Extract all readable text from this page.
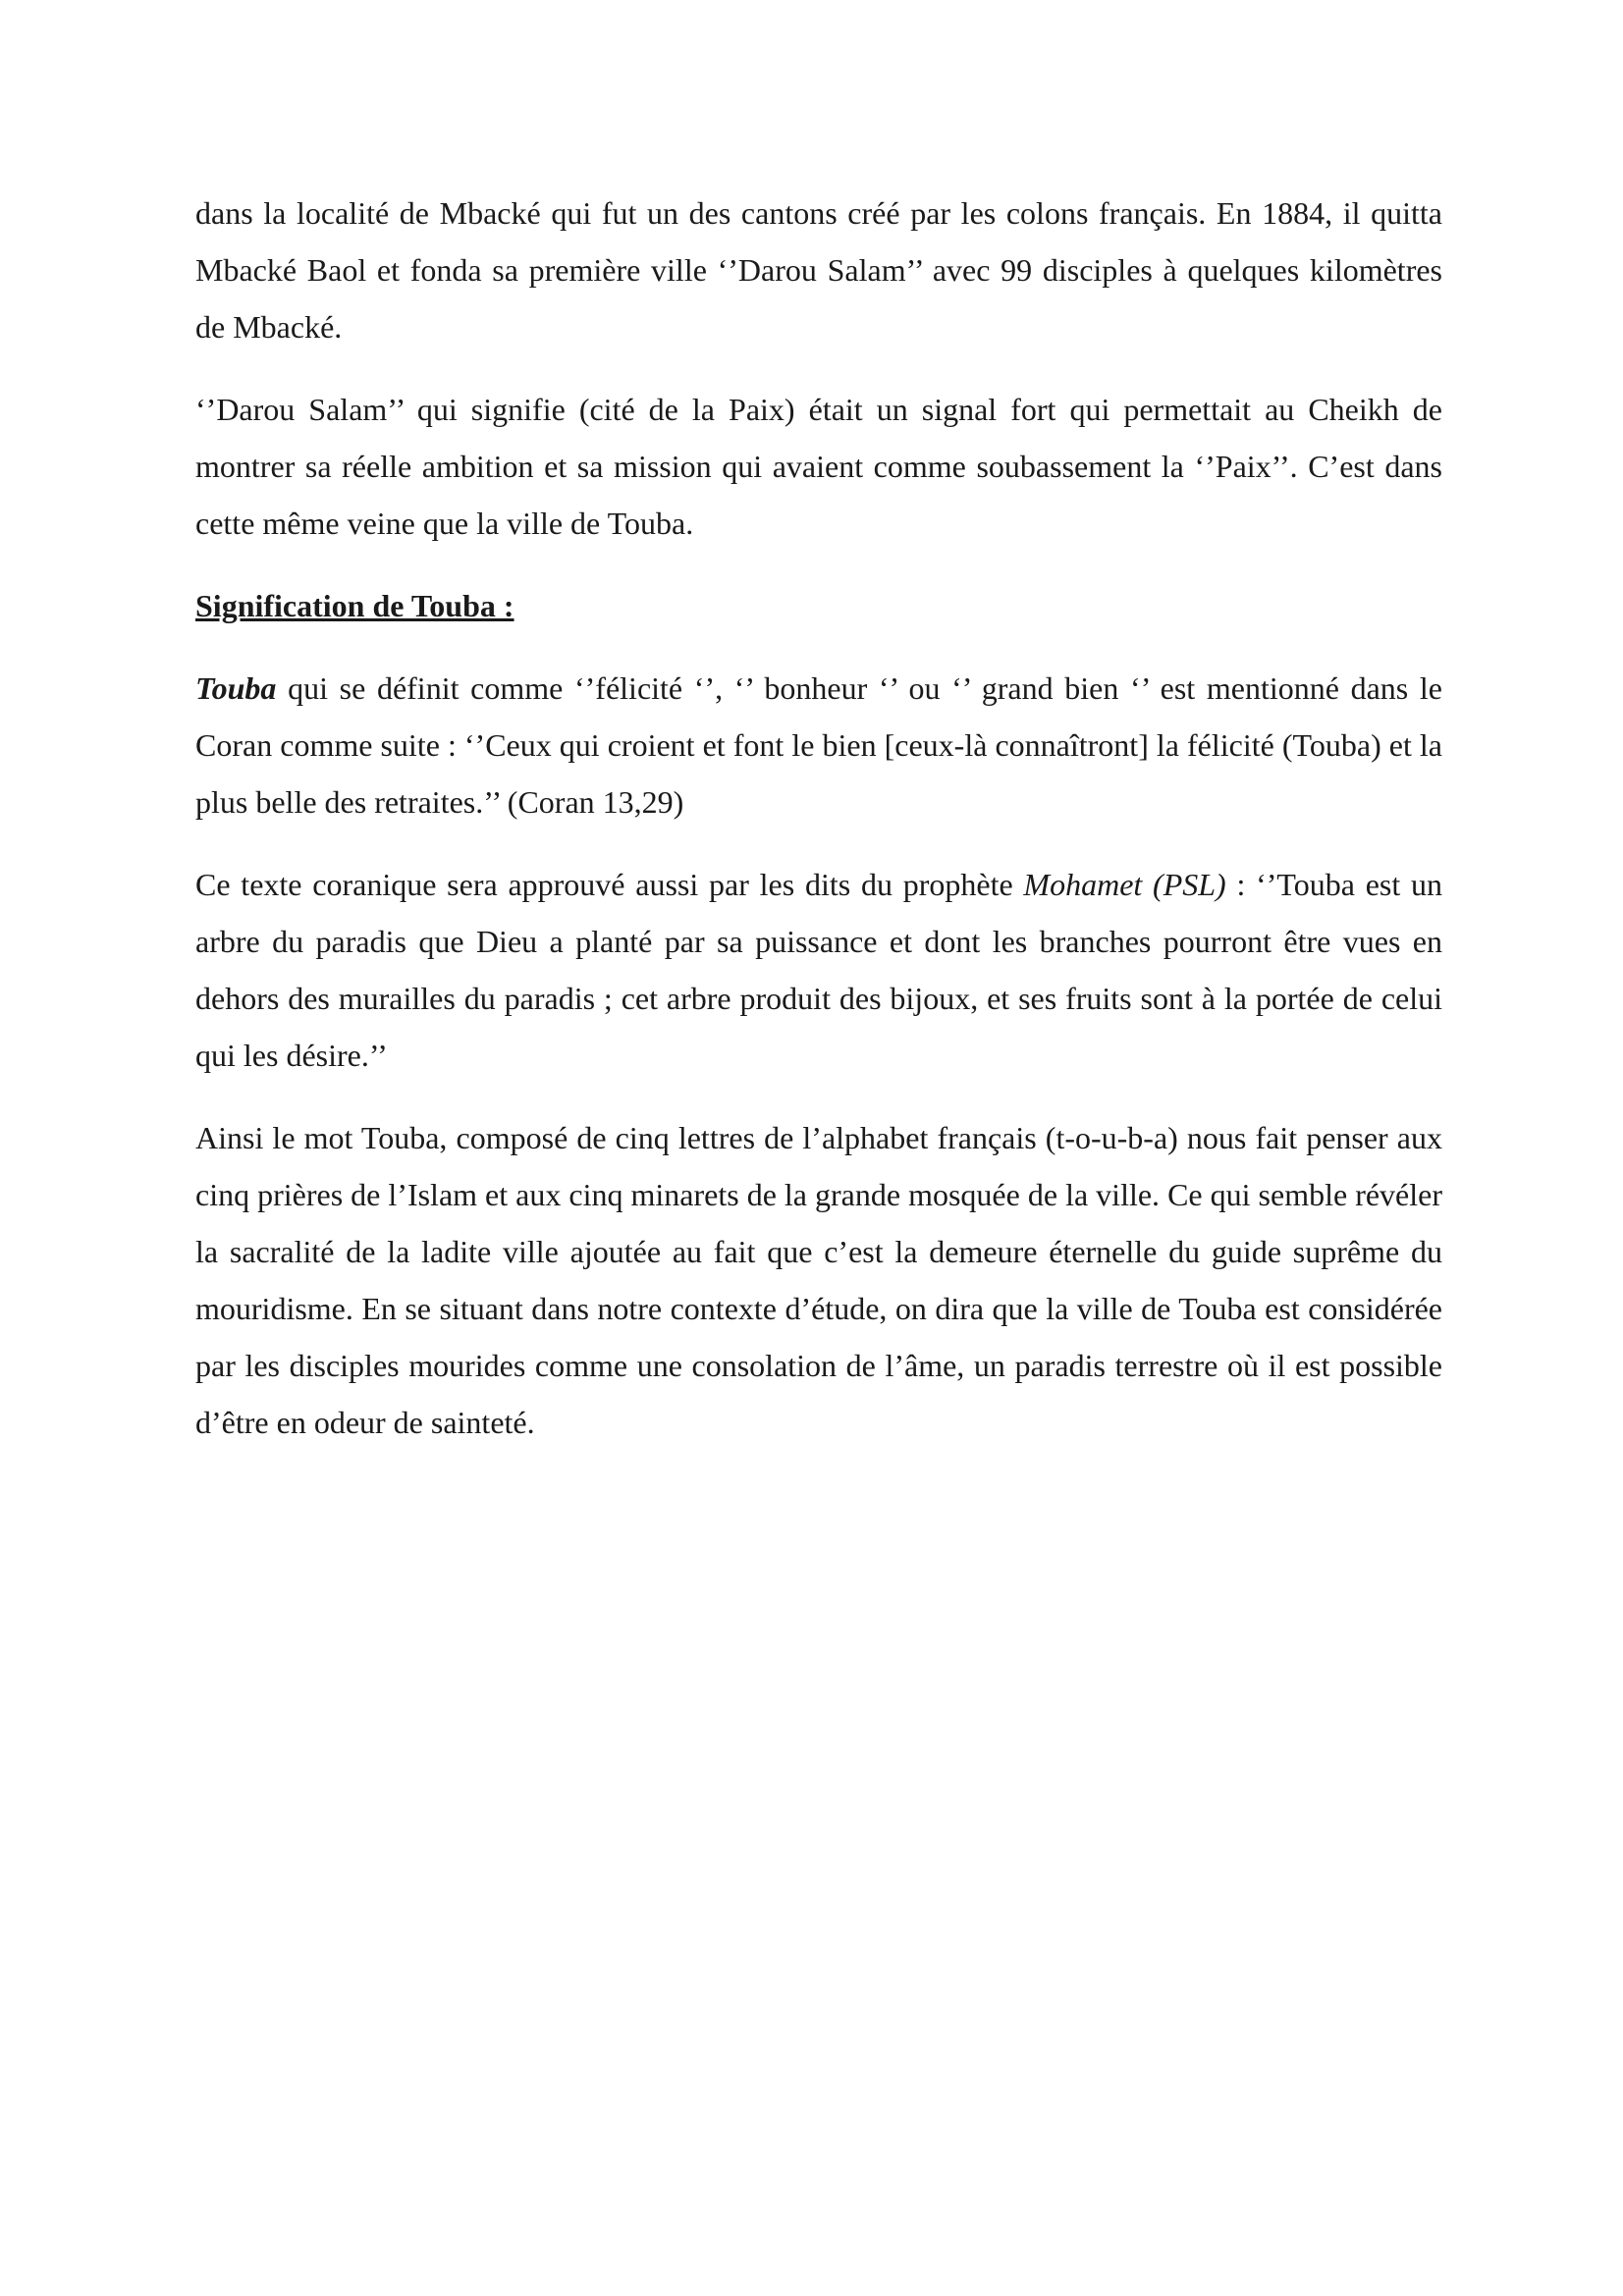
dans la localité de Mbacké qui fut un des cantons créé par les colons français. En 1884, il quitta Mbacké Baol et fonda sa première ville ‘’Darou Salam’’ avec 99 disciples à quelques kilomètres de Mbacké.

‘’Darou Salam’’ qui signifie (cité de la Paix) était un signal fort qui permettait au Cheikh de montrer sa réelle ambition et sa mission qui avaient comme soubassement la ‘’Paix’’. C’est dans cette même veine que la ville de Touba.

Signification de Touba :

Touba qui se définit comme ‘’félicité ‘’, ‘’ bonheur ‘’ ou ‘’ grand bien ‘’ est mentionné dans le Coran comme suite : ‘’Ceux qui croient et font le bien [ceux-là connaîtront] la félicité (Touba) et la plus belle des retraites.’’ (Coran 13,29)

Ce texte coranique sera approuvé aussi par les dits du prophète Mohamet (PSL) : ‘’Touba est un arbre du paradis que Dieu a planté par sa puissance et dont les branches pourront être vues en dehors des murailles du paradis ; cet arbre produit des bijoux, et ses fruits sont à la portée de celui qui les désire.’’

Ainsi le mot Touba, composé de cinq lettres de l’alphabet français (t-o-u-b-a) nous fait penser aux cinq prières de l’Islam et aux cinq minarets de la grande mosquée de la ville. Ce qui semble révéler la sacralité de la ladite ville ajoutée au fait que c’est la demeure éternelle du guide suprême du mouridisme. En se situant dans notre contexte d’étude, on dira que la ville de Touba est considérée par les disciples mourides comme une consolation de l’âme, un paradis terrestre où il est possible d’être en odeur de sainteté.
